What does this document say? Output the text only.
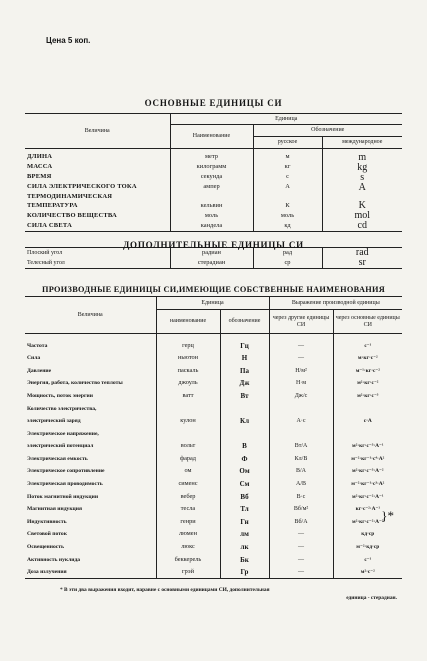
Цена 5 коп.
ОСНОВНЫЕ ЕДИНИЦЫ СИ
Величина	Единица		
	Наименование	Обозначение	
		русское	международное

ДЛИНА	метр	м	m
МАССА	килограмм	кг	kg
ВРЕМЯ	секунда	с	s
СИЛА ЭЛЕКТРИЧЕСКОГО ТОКА	ампер	А	A
ТЕРМОДИНАМИЧЕСКАЯ			
ТЕМПЕРАТУРА	кельвин	К	K
КОЛИЧЕСТВО ВЕЩЕСТВА	моль	моль	mol
СИЛА СВЕТА	кандела	кд	cd

Плоский угол	радиан	рад	rad
Телесный угол	стерадиан	ср	sr
ДОПОЛНИТЕЛЬНЫЕ ЕДИНИЦЫ СИ
ПРОИЗВОДНЫЕ ЕДИНИЦЫ СИ,ИМЕЮЩИЕ СОБСТВЕННЫЕ НАИМЕНОВАНИЯ
Величина	Единица		Выражение производной единицы	
	наименование	обозначение	через другие единицы СИ	через основные единицы СИ

Частота	герц	Гц	—	с⁻¹
Сила	ньютон	Н	—	м·кг·с⁻²
Давление	паскаль	Па	Н/м²	м⁻¹·кг·с⁻²
Энергия, работа, количество теплоты	джоуль	Дж	Н·м	м²·кг·с⁻²
Мощность, поток энергии	ватт	Вт	Дж/с	м²·кг·с⁻³
Количество электричества,				
электрический заряд	кулон	Кл	А·с	с·А
Электрическое напряжение,				
электрический потенциал	вольт	В	Вт/А	м²·кг·с⁻³·А⁻¹
Электрическая емкость	фарад	Ф	Кл/В	м⁻²·кг⁻¹·с⁴·А²
Электрическое сопротивление	ом	Ом	В/А	м²·кг·с⁻³·А⁻²
Электрическая проводимость	сименс	См	А/В	м⁻²·кг⁻¹·с³·А²
Поток магнитной индукции	вебер	Вб	В·с	м²·кг·с⁻²·А⁻¹
Магнитная индукция	тесла	Тл	Вб/м²	кг·с⁻²·А⁻¹
Индуктивность	генри	Гн	Вб/А	м²·кг·с⁻²·А⁻²
Световой поток	люмен	лм	—	кд·ср
Освещенность	люкс	лк	—	м⁻²·кд·ср
Активность нуклида	беккерель	Бк	—	с⁻¹
Доза излучения	грэй	Гр	—	м²·с⁻²
}*
* В эти два выражения входит, наравне с основными единицами СИ, дополнительная
единица - стерадиан.
